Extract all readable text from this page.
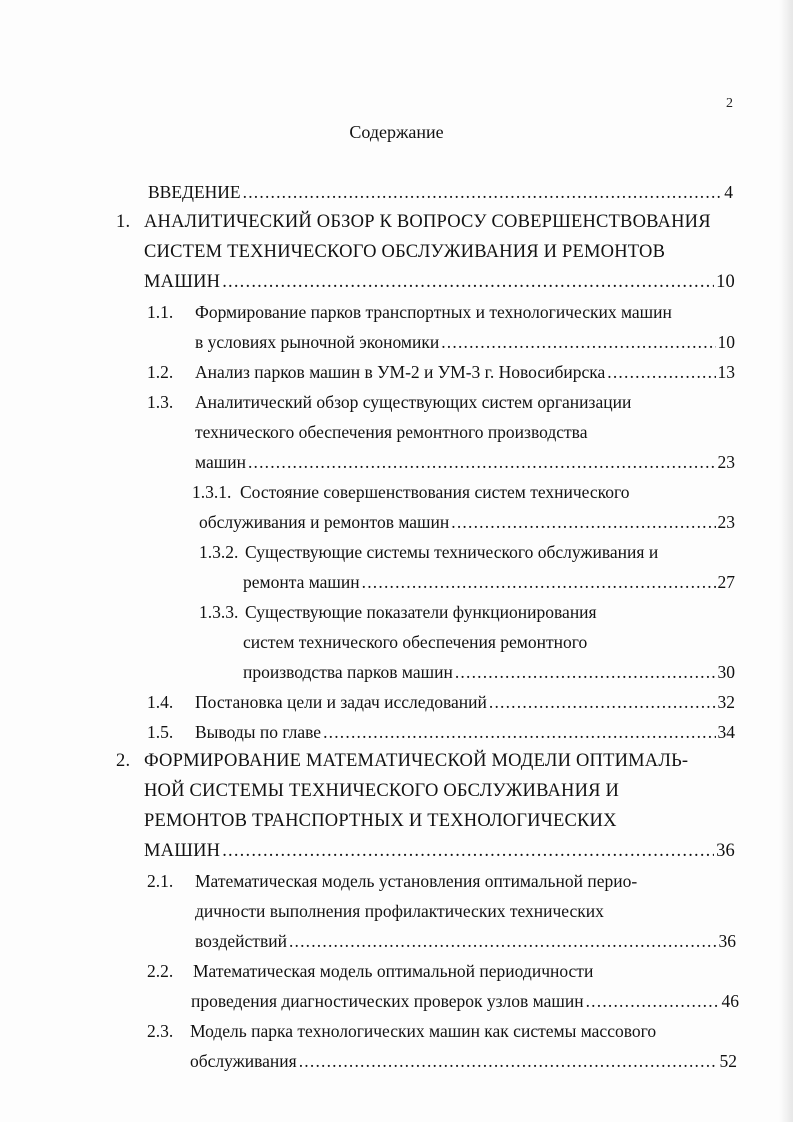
2
Содержание
ВВЕДЕНИЕ .....	4
1. АНАЛИТИЧЕСКИЙ ОБЗОР К ВОПРОСУ СОВЕРШЕНСТВОВАНИЯ
СИСТЕМ ТЕХНИЧЕСКОГО ОБСЛУЖИВАНИЯ И РЕМОНТОВ
МАШИН .....	10
1.1.	Формирование парков транспортных и технологических машин
в условиях рыночной экономики .....	10
1.2.	Анализ парков машин в УМ-2 и УМ-3 г. Новосибирска .....	13
1.3.	Аналитический обзор существующих систем организации
технического обеспечения ремонтного производства
машин .....	23
1.3.1. Состояние совершенствования систем технического
обслуживания и ремонтов машин .....	23
1.3.2. Существующие системы технического обслуживания и
ремонта машин .....	27
1.3.3. Существующие показатели функционирования
систем технического обеспечения ремонтного
производства парков машин .....	30
1.4.	Постановка цели и задач исследований .....	32
1.5.	Выводы по главе .....	34
2. ФОРМИРОВАНИЕ МАТЕМАТИЧЕСКОЙ МОДЕЛИ ОПТИМАЛЬ-
НОЙ СИСТЕМЫ ТЕХНИЧЕСКОГО ОБСЛУЖИВАНИЯ И
РЕМОНТОВ ТРАНСПОРТНЫХ И ТЕХНОЛОГИЧЕСКИХ
МАШИН .....	36
2.1.	Математическая модель установления оптимальной перио-
дичности выполнения профилактических технических
воздействий .....	36
2.2.	Математическая модель оптимальной периодичности
проведения диагностических проверок узлов машин .....	46
2.3. Модель парка технологических машин как системы массового
обслуживания .....	52
